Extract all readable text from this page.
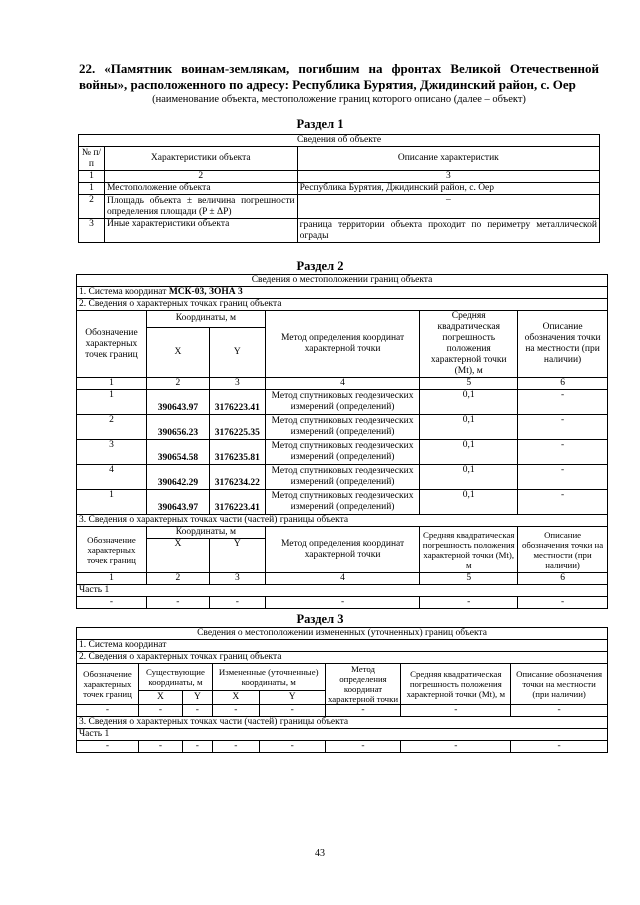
22. «Памятник воинам-землякам, погибшим на фронтах Великой Отечественной войны», расположенного по адресу: Республика Бурятия, Джидинский район, с. Оер
(наименование объекта, местоположение границ которого описано (далее – объект)
Раздел 1
Сведения об объекте		
№ п/п	Характеристики объекта	Описание характеристик
1	2	3
1	Местоположение объекта	Республика Бурятия, Джидинский район, с. Оер
2	Площадь объекта ± величина погрешности определения площади (P ± ΔP)	–
3	Иные характеристики объекта	граница территории объекта проходит по периметру металлической ограды
Раздел 2
Сведения о местоположении границ объекта					
1. Система координат МСК-03, ЗОНА 3					
2. Сведения о характерных точках границ объекта					
Обозначение характерных точек границ	Координаты, м		Метод определения координат характерной точки	Средняя квадратическая погрешность положения характерной точки (Mt), м	Описание обозначения точки на местности (при наличии)
	X	Y			
1	2	3	4	5	6
1	390643.97	3176223.41	Метод спутниковых геодезических измерений (определений)	0,1	-
2	390656.23	3176225.35	Метод спутниковых геодезических измерений (определений)	0,1	-
3	390654.58	3176235.81	Метод спутниковых геодезических измерений (определений)	0,1	-
4	390642.29	3176234.22	Метод спутниковых геодезических измерений (определений)	0,1	-
1	390643.97	3176223.41	Метод спутниковых геодезических измерений (определений)	0,1	-
3. Сведения о характерных точках части (частей) границы объекта					
Обозначение характерных точек границ	Координаты, м		Метод определения координат характерной точки	Средняя квадратическая погрешность положения характерной точки (Mt), м	Описание обозначения точки на местности (при наличии)
	X	Y			
1	2	3	4	5	6
Часть 1					
-	-	-	-	-	-
Раздел 3
Сведения о местоположении измененных (уточненных) границ объекта							
1. Система координат							
2. Сведения о характерных точках границ объекта							
Обозначение характерных точек границ	Существующие координаты, м		Измененные (уточненные) координаты, м		Метод определения координат характерной точки	Средняя квадратическая погрешность положения характерной точки (Mt), м	Описание обозначения точки на местности (при наличии)
	X	Y	X	Y			
-	-	-	-	-	-	-	-
3. Сведения о характерных точках части (частей) границы объекта							
Часть 1							
-	-	-	-	-	-	-	-
43
